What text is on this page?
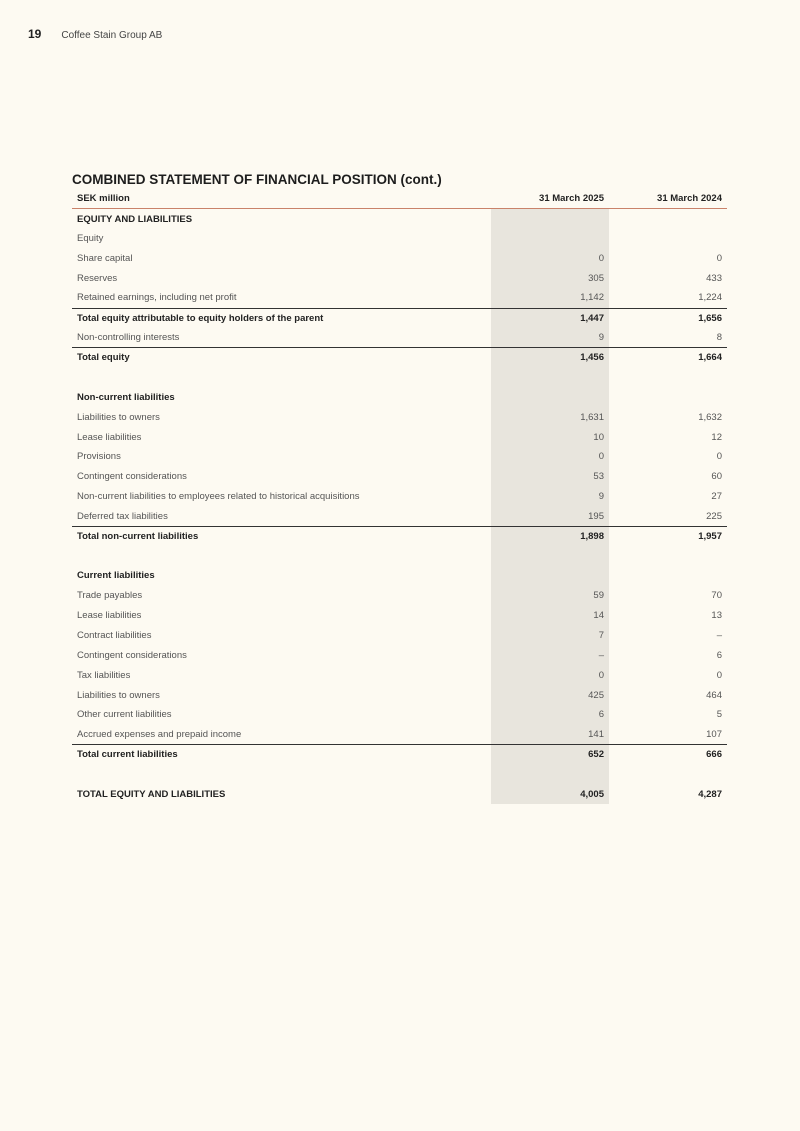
19 Coffee Stain Group AB
COMBINED STATEMENT OF FINANCIAL POSITION (cont.)
SEK million	31 March 2025	31 March 2024
EQUITY AND LIABILITIES		
Equity		
Share capital	0	0
Reserves	305	433
Retained earnings, including net profit	1,142	1,224
Total equity attributable to equity holders of the parent	1,447	1,656
Non-controlling interests	9	8
Total equity	1,456	1,664

Non-current liabilities		
Liabilities to owners	1,631	1,632
Lease liabilities	10	12
Provisions	0	0
Contingent considerations	53	60
Non-current liabilities to employees related to historical acquisitions	9	27
Deferred tax liabilities	195	225
Total non-current liabilities	1,898	1,957

Current liabilities		
Trade payables	59	70
Lease liabilities	14	13
Contract liabilities	7	–
Contingent considerations	–	6
Tax liabilities	0	0
Liabilities to owners	425	464
Other current liabilities	6	5
Accrued expenses and prepaid income	141	107
Total current liabilities	652	666

TOTAL EQUITY AND LIABILITIES	4,005	4,287
